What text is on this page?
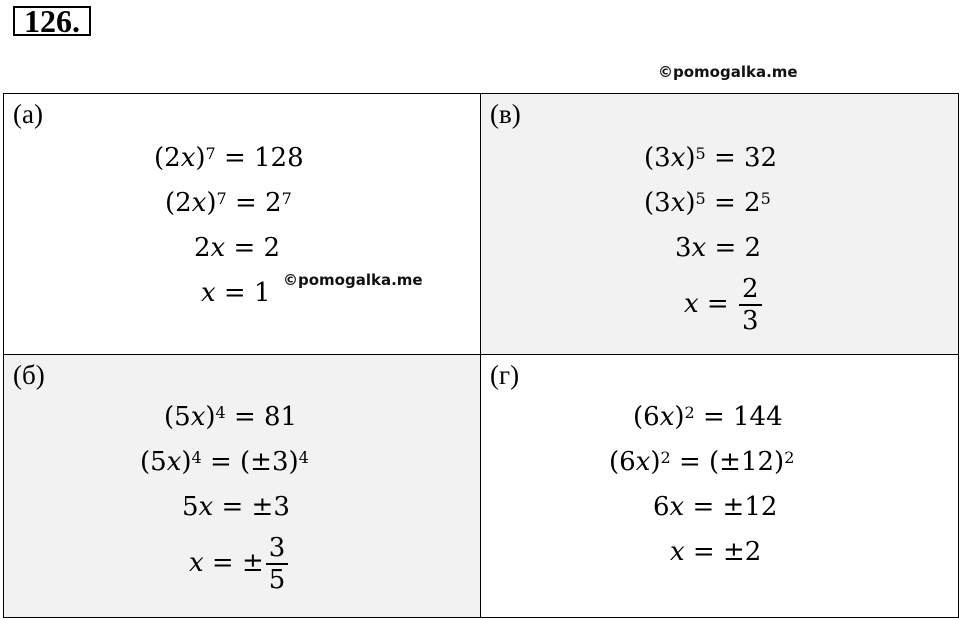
126.
©pomogalka.me
(а)
$(2x)^7 = 128$
$(2x)^7 = 2^7$
2x = 2
x = 1
(в)
$(3x)^5 = 32$
$(3x)^5 = 2^5$
3x = 2
$x = \frac{2}{3}$
(б)
$(5x)^4 = 81$
$(5x)^4 = (\pm 3)^4$
5x = ±3
x = ± $\frac{3}{5}$
(г)
$(6x)^2 = 144$
$(6x)^2 = (\pm 12)^2$
6x = ±12
x = ±2
©pomogalka.me
